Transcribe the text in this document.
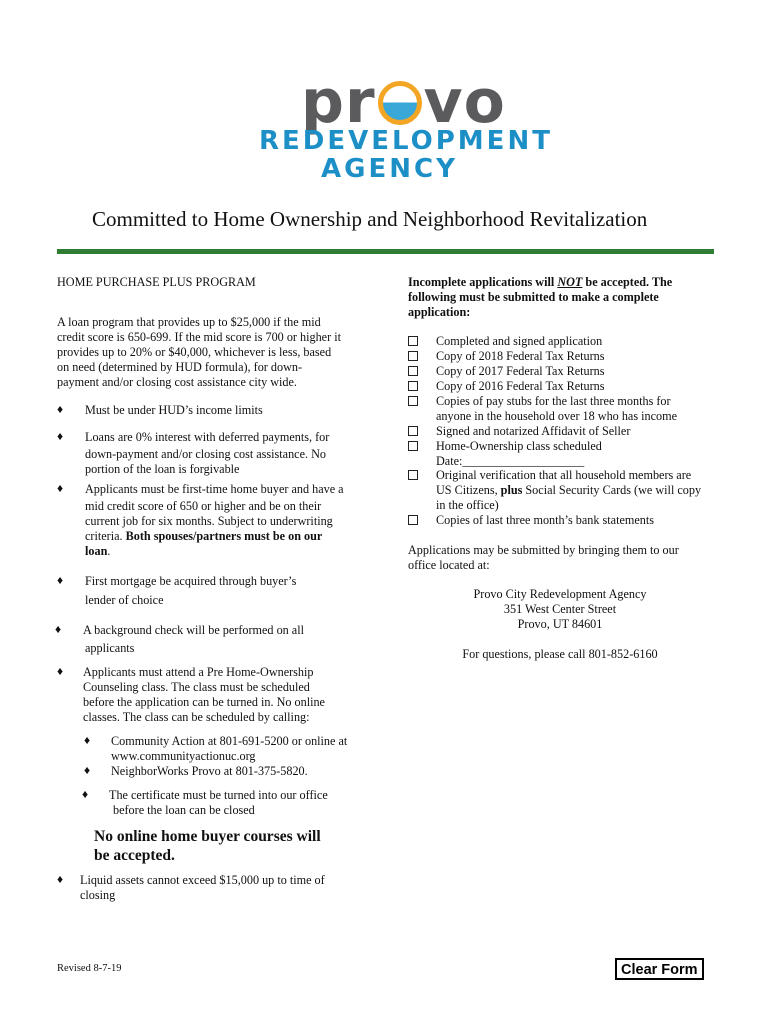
pr vo
REDEVELOPMENT
AGENCY
Committed to Home Ownership and Neighborhood Revitalization
HOME PURCHASE PLUS PROGRAM
A loan program that provides up to $25,000 if the mid
credit score is 650-699. If the mid score is 700 or higher it
provides up to 20% or $40,000, whichever is less, based
on need (determined by HUD formula), for down-
payment and/or closing cost assistance city wide.
♦ Must be under HUD’s income limits
♦ Loans are 0% interest with deferred payments, for
down-payment and/or closing cost assistance. No
portion of the loan is forgivable
♦ Applicants must be first-time home buyer and have a
mid credit score of 650 or higher and be on their
current job for six months. Subject to underwriting
criteria. Both spouses/partners must be on our
loan.
♦ First mortgage be acquired through buyer’s
lender of choice
♦ A background check will be performed on all
applicants
♦ Applicants must attend a Pre Home-Ownership
Counseling class. The class must be scheduled
before the application can be turned in. No online
classes. The class can be scheduled by calling:
♦ Community Action at 801-691-5200 or online at
www.communityactionuc.org
♦ NeighborWorks Provo at 801-375-5820.
♦ The certificate must be turned into our office
before the loan can be closed
No online home buyer courses will
be accepted.
♦ Liquid assets cannot exceed $15,000 up to time of
closing
Incomplete applications will NOT be accepted. The
following must be submitted to make a complete
application:
Completed and signed application
Copy of 2018 Federal Tax Returns
Copy of 2017 Federal Tax Returns
Copy of 2016 Federal Tax Returns
Copies of pay stubs for the last three months for
anyone in the household over 18 who has income
Signed and notarized Affidavit of Seller
Home-Ownership class scheduled
Date:____________________
Original verification that all household members are
US Citizens, plus Social Security Cards (we will copy
in the office)
Copies of last three month’s bank statements
Applications may be submitted by bringing them to our
office located at:
Provo City Redevelopment Agency
351 West Center Street
Provo, UT 84601
For questions, please call 801-852-6160
Revised 8-7-19	Clear Form
